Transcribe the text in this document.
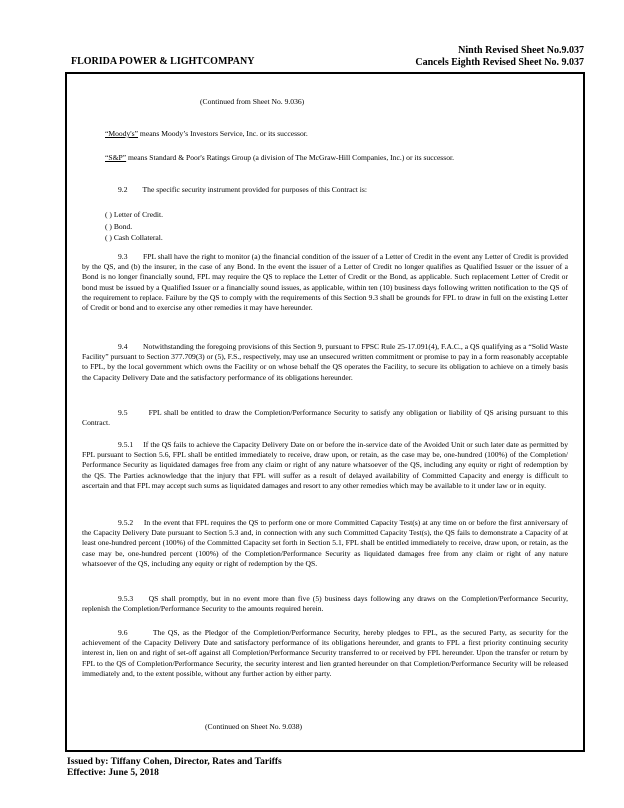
FLORIDA POWER & LIGHTCOMPANY
Ninth Revised Sheet No.9.037
Cancels Eighth Revised Sheet No. 9.037
(Continued from Sheet No. 9.036)

“Moody's” means Moody’s Investors Service, Inc. or its successor.

“S&P” means Standard & Poor's Ratings Group (a division of The McGraw-Hill Companies, Inc.) or its successor.

9.2        The specific security instrument provided for purposes of this Contract is:

( ) Letter of Credit.

( ) Bond.

( ) Cash Collateral.

9.3        FPL shall have the right to monitor (a) the financial condition of the issuer of a Letter of Credit in the event any Letter of Credit is provided by the QS, and (b) the insurer, in the case of any Bond. In the event the issuer of a Letter of Credit no longer qualifies as Qualified Issuer or the issuer of a Bond is no longer financially sound, FPL may require the QS to replace the Letter of Credit or the Bond, as applicable. Such replacement Letter of Credit or bond must be issued by a Qualified Issuer or a financially sound issues, as applicable, within ten (10) business days following written notification to the QS of the requirement to replace. Failure by the QS to comply with the requirements of this Section 9.3 shall be grounds for FPL to draw in full on the existing Letter of Credit or bond and to exercise any other remedies it may have hereunder.

9.4        Notwithstanding the foregoing provisions of this Section 9, pursuant to FPSC Rule 25-17.091(4), F.A.C., a QS qualifying as a “Solid Waste Facility” pursuant to Section 377.709(3) or (5), F.S., respectively, may use an unsecured written commitment or promise to pay in a form reasonably acceptable to FPL, by the local government which owns the Facility or on whose behalf the QS operates the Facility, to secure its obligation to achieve on a timely basis the Capacity Delivery Date and the satisfactory performance of its obligations hereunder.

9.5        FPL shall be entitled to draw the Completion/Performance Security to satisfy any obligation or liability of QS arising pursuant to this Contract.

9.5.1     If the QS fails to achieve the Capacity Delivery Date on or before the in-service date of the Avoided Unit or such later date as permitted by FPL pursuant to Section 5.6, FPL shall be entitled immediately to receive, draw upon, or retain, as the case may be, one-hundred (100%) of the Completion/ Performance Security as liquidated damages free from any claim or right of any nature whatsoever of the QS, including any equity or right of redemption by the QS. The Parties acknowledge that the injury that FPL will suffer as a result of delayed availability of Committed Capacity and energy is difficult to ascertain and that FPL may accept such sums as liquidated damages and resort to any other remedies which may be available to it under law or in equity.

9.5.2     In the event that FPL requires the QS to perform one or more Committed Capacity Test(s) at any time on or before the first anniversary of the Capacity Delivery Date pursuant to Section 5.3 and, in connection with any such Committed Capacity Test(s), the QS fails to demonstrate a Capacity of at least one-hundred percent (100%) of the Committed Capacity set forth in Section 5.1, FPL shall be entitled immediately to receive, draw upon, or retain, as the case may be, one-hundred percent (100%) of the Completion/Performance Security as liquidated damages free from any claim or right of any nature whatsoever of the QS, including any equity or right of redemption by the QS.

9.5.3     QS shall promptly, but in no event more than five (5) business days following any draws on the Completion/Performance Security, replenish the Completion/Performance Security to the amounts required herein.

9.6        The QS, as the Pledgor of the Completion/Performance Security, hereby pledges to FPL, as the secured Party, as security for the achievement of the Capacity Delivery Date and satisfactory performance of its obligations hereunder, and grants to FPL a first priority continuing security interest in, lien on and right of set-off against all Completion/Performance Security transferred to or received by FPL hereunder. Upon the transfer or return by FPL to the QS of Completion/Performance Security, the security interest and lien granted hereunder on that Completion/Performance Security will be released immediately and, to the extent possible, without any further action by either party.

(Continued on Sheet No. 9.038)
Issued by: Tiffany Cohen, Director, Rates and Tariffs
Effective: June 5, 2018
